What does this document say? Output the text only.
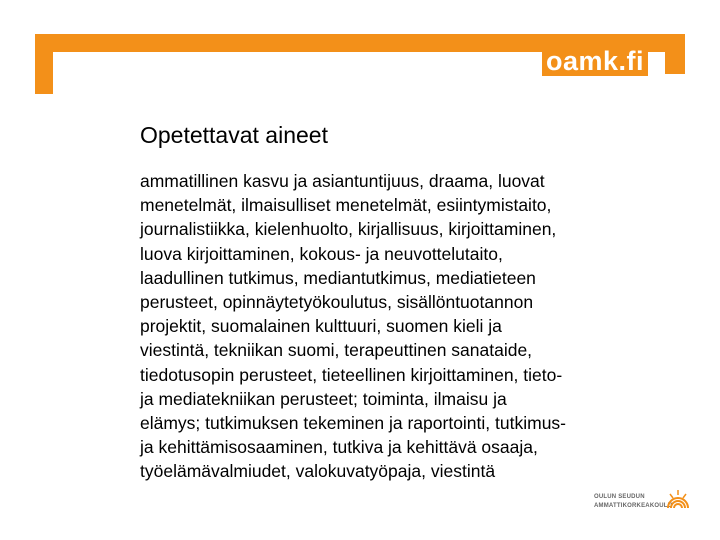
oamk.fi
Opetettavat aineet
ammatillinen kasvu ja asiantuntijuus, draama, luovat
menetelmät, ilmaisulliset menetelmät, esiintymistaito,
journalistiikka, kielenhuolto, kirjallisuus, kirjoittaminen,
luova kirjoittaminen, kokous- ja neuvottelutaito,
laadullinen tutkimus, mediantutkimus, mediatieteen
perusteet, opinnäytetyökoulutus, sisällöntuotannon
projektit, suomalainen kulttuuri, suomen kieli ja
viestintä, tekniikan suomi, terapeuttinen sanataide,
tiedotusopin perusteet, tieteellinen kirjoittaminen, tieto-
ja mediatekniikan perusteet; toiminta, ilmaisu ja
elämys; tutkimuksen tekeminen ja raportointi, tutkimus-
ja kehittämisosaaminen, tutkiva ja kehittävä osaaja,
työelämävalmiudet, valokuvatyöpaja, viestintä
OULUN SEUDUN
AMMATTIKORKEAKOULU
